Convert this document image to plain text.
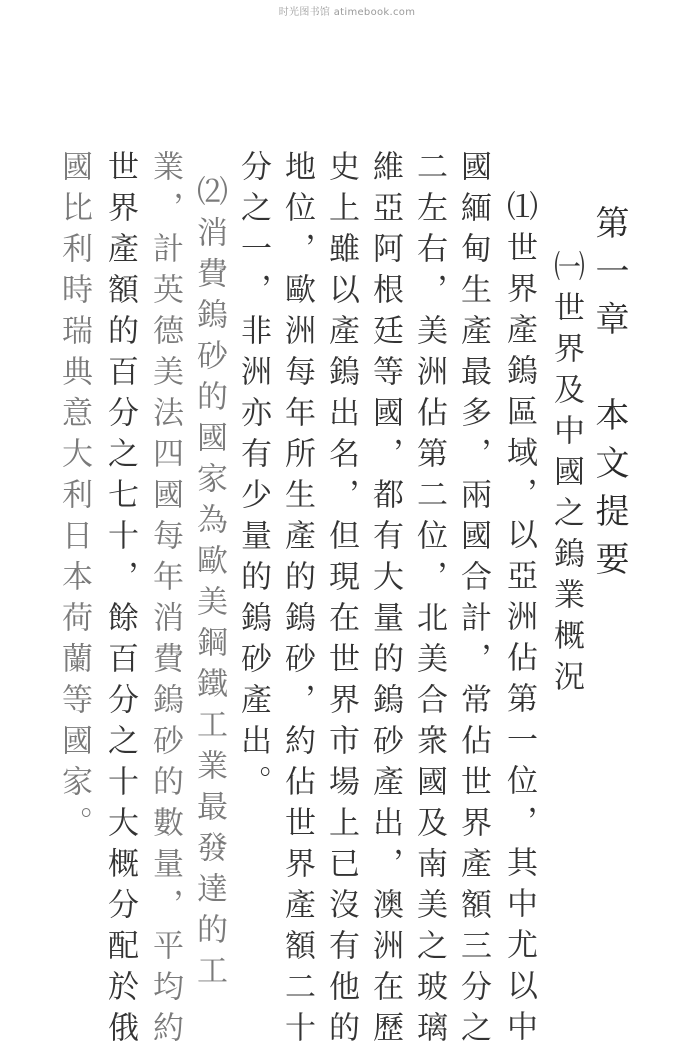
时光图书馆 atimebook.com
第一章　本文提要
㈠世界及中國之鎢業概況
⑴世界產鎢區域，以亞洲佔第一位，其中尤以中
國緬甸生產最多，兩國合計，常佔世界產額三分之
二左右，美洲佔第二位，北美合衆國及南美之玻璃
維亞阿根廷等國，都有大量的鎢砂產出，澳洲在歷
史上雖以產鎢出名，但現在世界市場上已沒有他的
地位，歐洲每年所生產的鎢砂，約佔世界產額二十
分之一，非洲亦有少量的鎢砂產出。
⑵消費鎢砂的國家為歐美鋼鐵工業最發達的工
業，計英德美法四國每年消費鎢砂的數量，平均約
世界產額的百分之七十，餘百分之十大概分配於俄
國比利時瑞典意大利日本荷蘭等國家。
